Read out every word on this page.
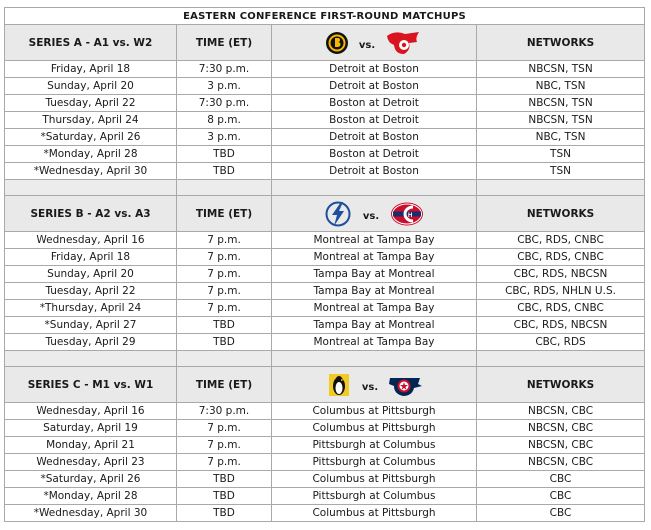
EASTERN CONFERENCE FIRST-ROUND MATCHUPS			
SERIES A - A1 vs. W2	TIME (ET)	vs.	NETWORKS
Friday, April 18	7:30 p.m.	Detroit at Boston	NBCSN, TSN
Sunday, April 20	3 p.m.	Detroit at Boston	NBC, TSN
Tuesday, April 22	7:30 p.m.	Boston at Detroit	NBCSN, TSN
Thursday, April 24	8 p.m.	Boston at Detroit	NBCSN, TSN
*Saturday, April 26	3 p.m.	Detroit at Boston	NBC, TSN
*Monday, April 28	TBD	Boston at Detroit	TSN
*Wednesday, April 30	TBD	Detroit at Boston	TSN

SERIES B - A2 vs. A3	TIME (ET)	vs. H	NETWORKS
Wednesday, April 16	7 p.m.	Montreal at Tampa Bay	CBC, RDS, CNBC
Friday, April 18	7 p.m.	Montreal at Tampa Bay	CBC, RDS, CNBC
Sunday, April 20	7 p.m.	Tampa Bay at Montreal	CBC, RDS, NBCSN
Tuesday, April 22	7 p.m.	Tampa Bay at Montreal	CBC, RDS, NHLN U.S.
*Thursday, April 24	7 p.m.	Montreal at Tampa Bay	CBC, RDS, CNBC
*Sunday, April 27	TBD	Tampa Bay at Montreal	CBC, RDS, NBCSN
Tuesday, April 29	TBD	Montreal at Tampa Bay	CBC, RDS

SERIES C - M1 vs. W1	TIME (ET)	vs.	NETWORKS
Wednesday, April 16	7:30 p.m.	Columbus at Pittsburgh	NBCSN, CBC
Saturday, April 19	7 p.m.	Columbus at Pittsburgh	NBCSN, CBC
Monday, April 21	7 p.m.	Pittsburgh at Columbus	NBCSN, CBC
Wednesday, April 23	7 p.m.	Pittsburgh at Columbus	NBCSN, CBC
*Saturday, April 26	TBD	Columbus at Pittsburgh	CBC
*Monday, April 28	TBD	Pittsburgh at Columbus	CBC
*Wednesday, April 30	TBD	Columbus at Pittsburgh	CBC
